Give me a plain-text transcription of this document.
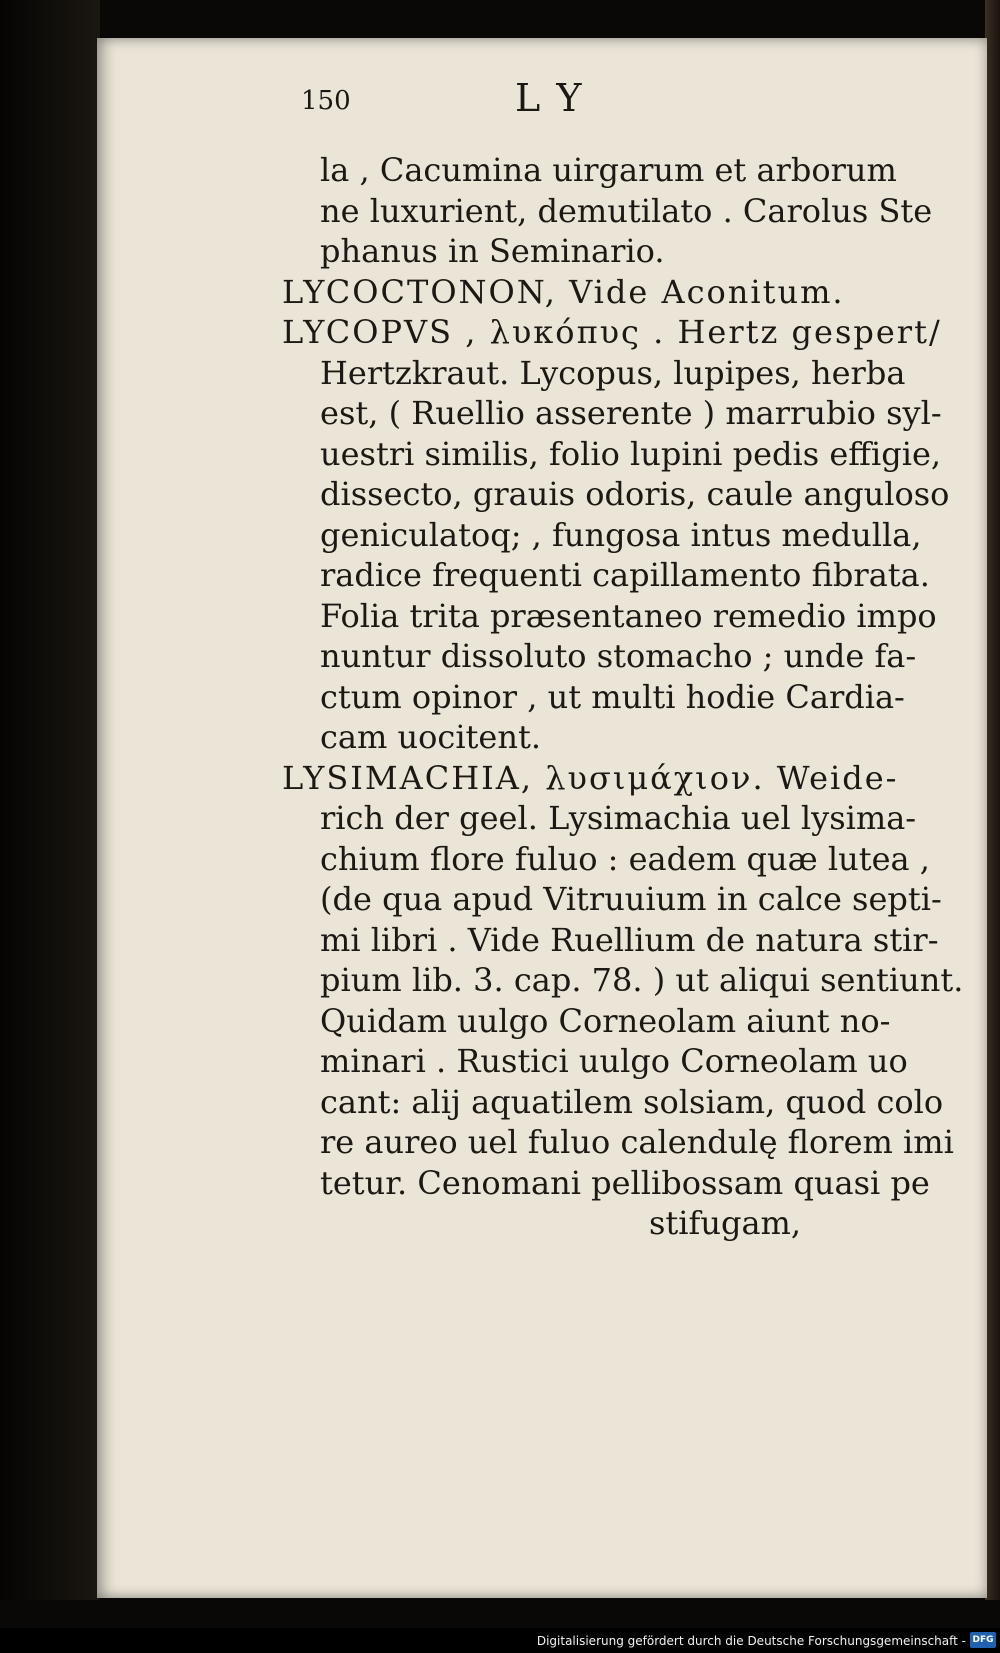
150	L Y
la , Cacumina uirgarum et arborum
ne luxurient, demutilato . Carolus Ste
phanus in Seminario.
LYCOCTONON, Vide Aconitum.
LYCOPVS , λυκόπυς . Hertz gespert/
Hertzkraut. Lycopus, lupipes, herba
est, ( Ruellio asserente ) marrubio syl-
uestri similis, folio lupini pedis effigie,
dissecto, grauis odoris, caule anguloso
geniculatoq; , fungosa intus medulla,
radice frequenti capillamento fibrata.
Folia trita præsentaneo remedio impo
nuntur dissoluto stomacho ; unde fa-
ctum opinor , ut multi hodie Cardia-
cam uocitent.
LYSIMACHIA, λυσιμάχιον. Weide-
rich der geel. Lysimachia uel lysima-
chium flore fuluo : eadem quæ lutea ,
(de qua apud Vitruuium in calce septi-
mi libri . Vide Ruellium de natura stir-
pium lib. 3. cap. 78. ) ut aliqui sentiunt.
Quidam uulgo Corneolam aiunt no-
minari . Rustici uulgo Corneolam uo
cant: alij aquatilem solsiam, quod colo
re aureo uel fuluo calendulę florem imi
tetur. Cenomani pellibossam quasi pe
stifugam,
Digitalisierung gefördert durch die Deutsche Forschungsgemeinschaft - DFG
